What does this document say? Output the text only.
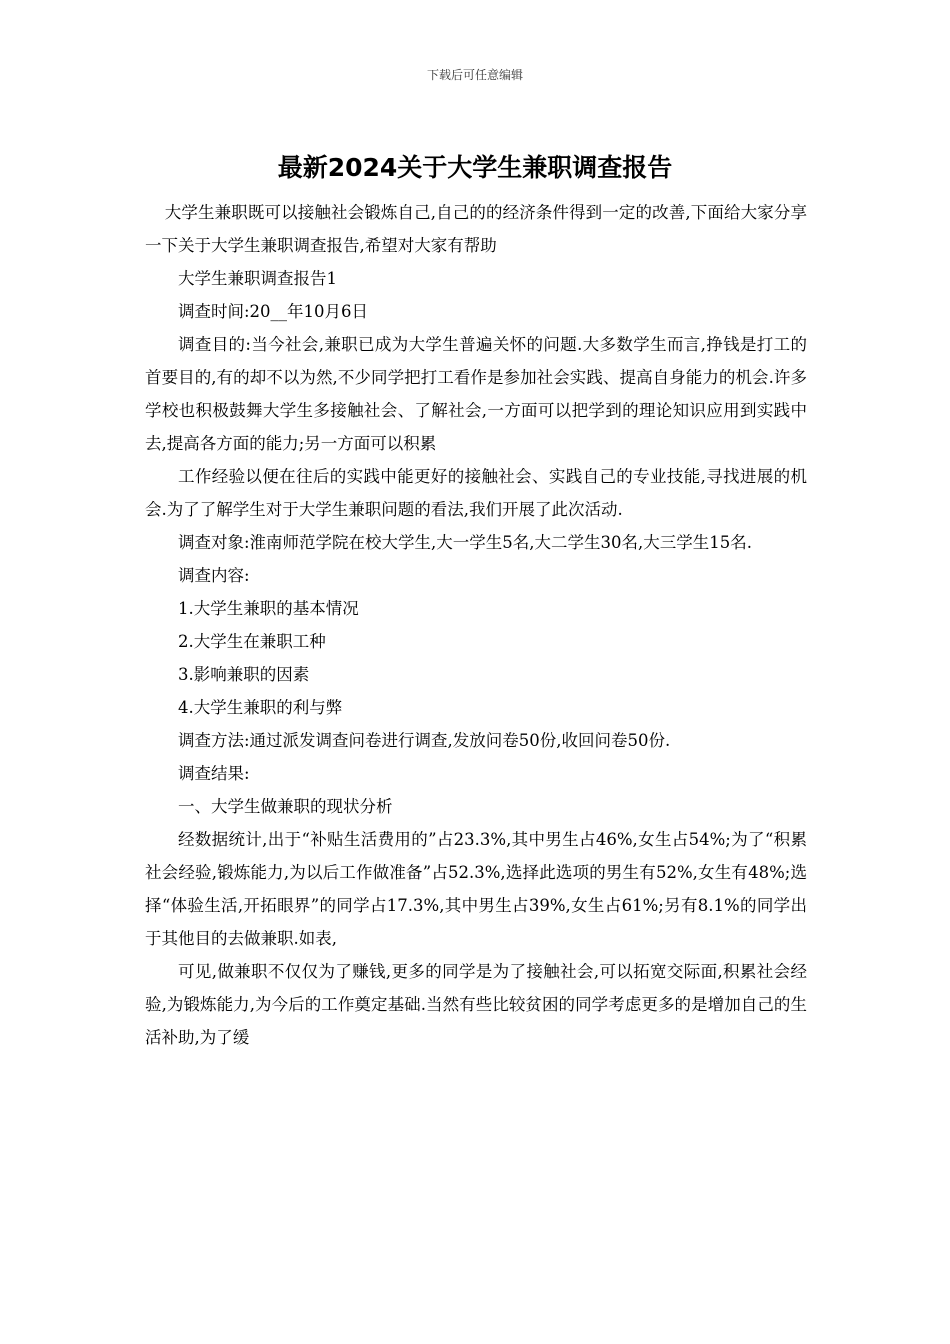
下载后可任意编辑
最新2024关于大学生兼职调查报告

大学生兼职既可以接触社会锻炼自己,自己的的经济条件得到一定的改善,下面给大家分享一下关于大学生兼职调查报告,希望对大家有帮助

大学生兼职调查报告1

调查时间:20__年10月6日

调查目的:当今社会,兼职已成为大学生普遍关怀的问题.大多数学生而言,挣钱是打工的首要目的,有的却不以为然,不少同学把打工看作是参加社会实践、提高自身能力的机会.许多学校也积极鼓舞大学生多接触社会、了解社会,一方面可以把学到的理论知识应用到实践中去,提高各方面的能力;另一方面可以积累

工作经验以便在往后的实践中能更好的接触社会、实践自己的专业技能,寻找进展的机会.为了了解学生对于大学生兼职问题的看法,我们开展了此次活动.

调查对象:淮南师范学院在校大学生,大一学生5名,大二学生30名,大三学生15名.

调查内容:

1.大学生兼职的基本情况

2.大学生在兼职工种

3.影响兼职的因素

4.大学生兼职的利与弊

调查方法:通过派发调查问卷进行调查,发放问卷50份,收回问卷50份.

调查结果:

一、大学生做兼职的现状分析

经数据统计,出于“补贴生活费用的”占23.3%,其中男生占46%,女生占54%;为了“积累社会经验,锻炼能力,为以后工作做准备”占52.3%,选择此选项的男生有52%,女生有48%;选择“体验生活,开拓眼界”的同学占17.3%,其中男生占39%,女生占61%;另有8.1%的同学出于其他目的去做兼职.如表,

可见,做兼职不仅仅为了赚钱,更多的同学是为了接触社会,可以拓宽交际面,积累社会经验,为锻炼能力,为今后的工作奠定基础.当然有些比较贫困的同学考虑更多的是增加自己的生活补助,为了缓
